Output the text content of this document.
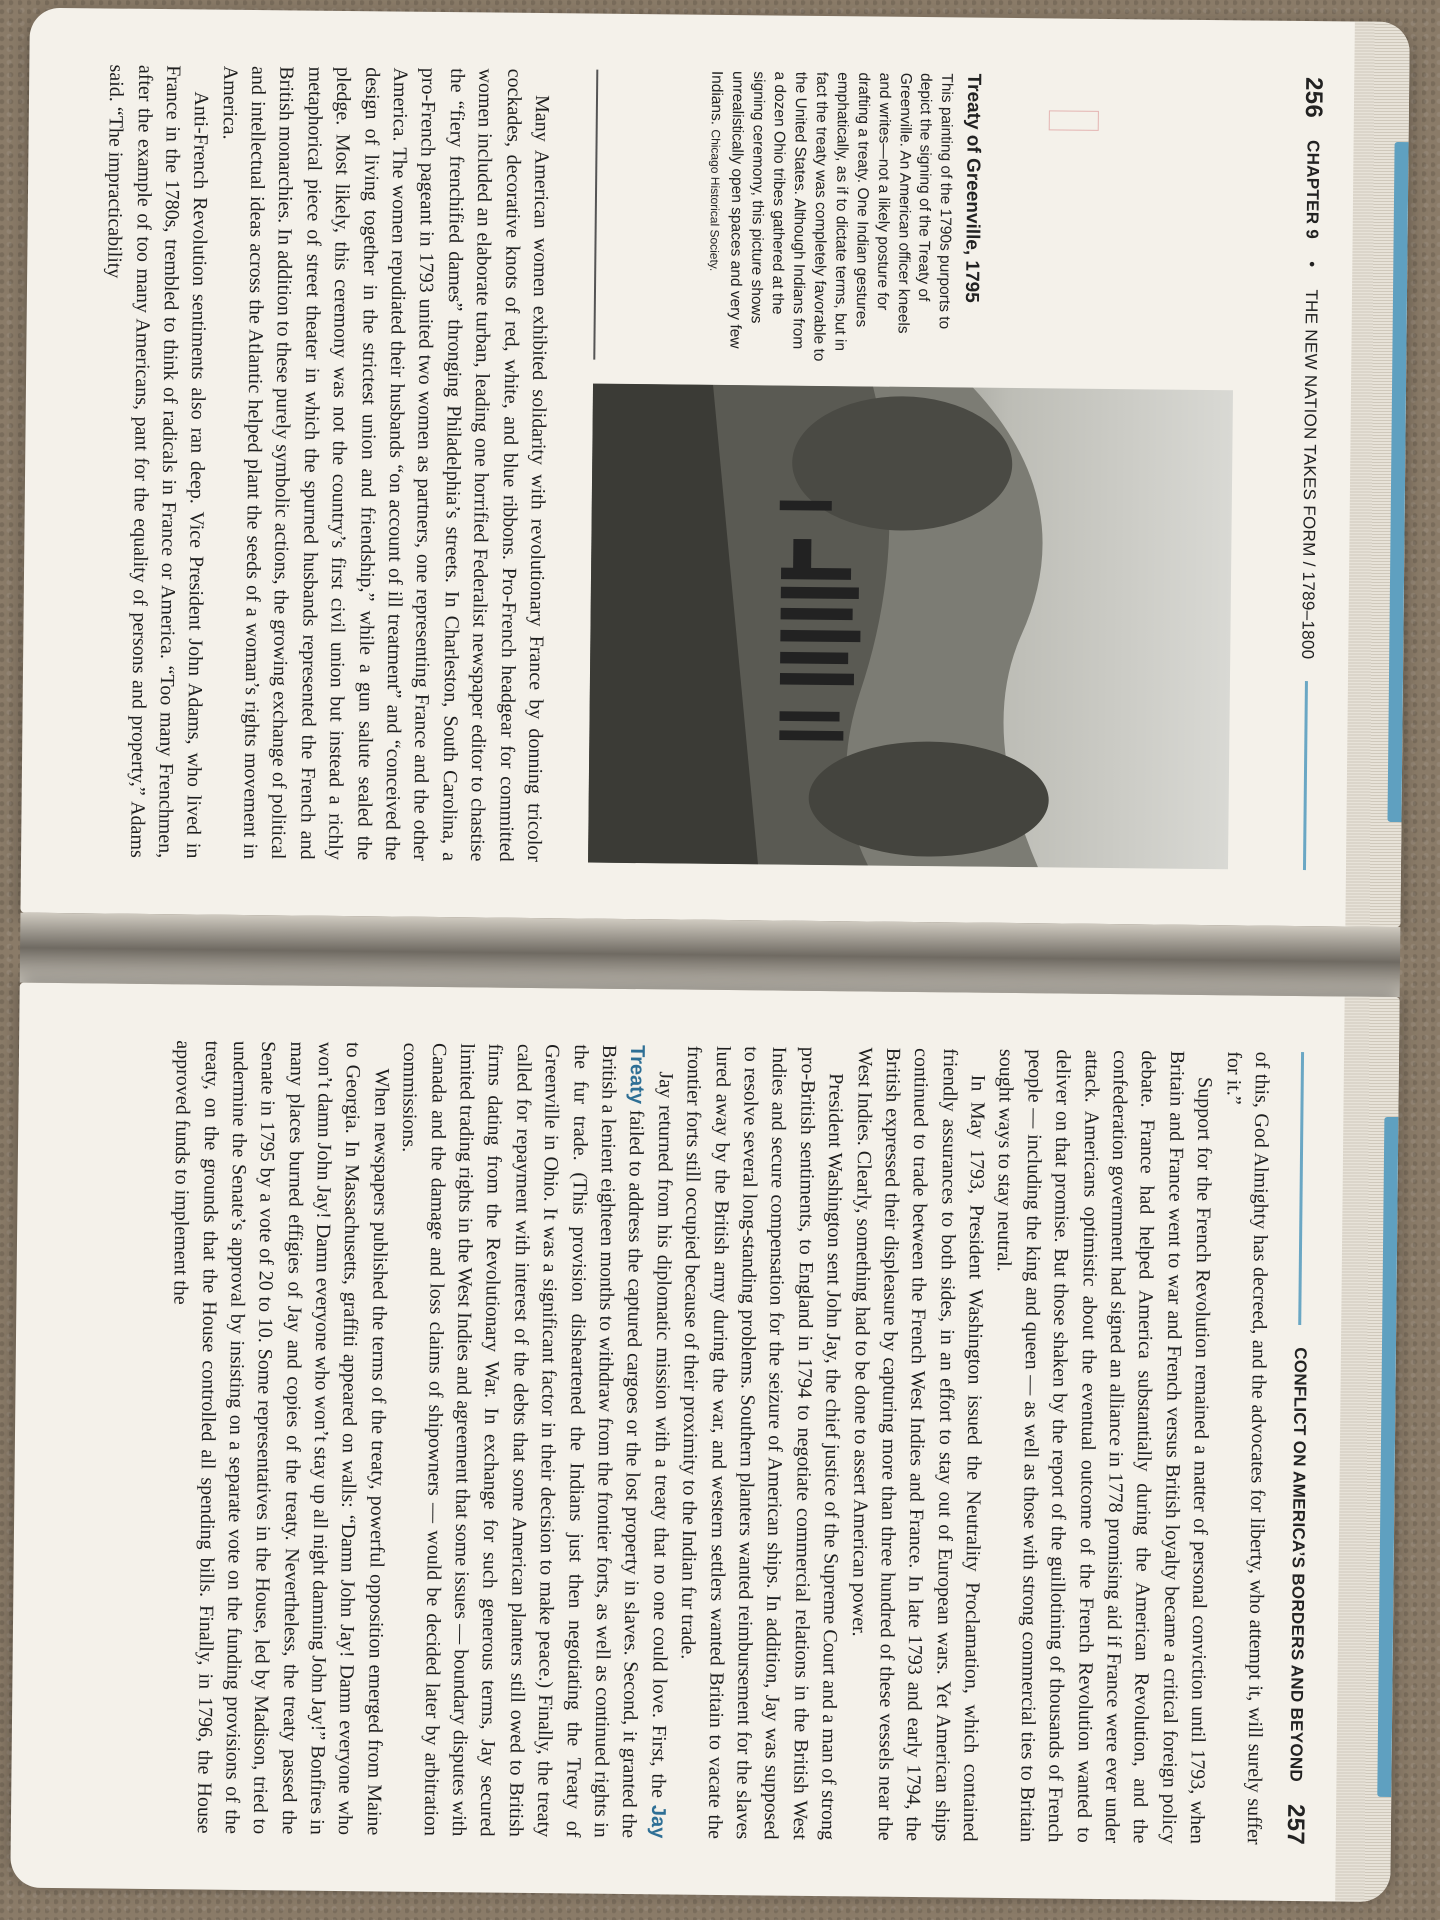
256
CHAPTER 9
•
THE NEW NATION TAKES FORM / 1789–1800
Treaty of Greenville, 1795
This painting of the 1790s purports to depict the signing of the Treaty of Greenville. An American officer kneels and writes—not a likely posture for drafting a treaty. One Indian gestures emphatically, as if to dictate terms, but in fact the treaty was completely favorable to the United States. Although Indians from a dozen Ohio tribes gathered at the signing ceremony, this picture shows unrealistically open spaces and very few Indians. Chicago Historical Society.

Many American women exhibited solidarity with revolutionary France by donning tricolor cockades, decorative knots of red, white, and blue ribbons. Pro-French headgear for committed women included an elaborate turban, leading one horrified Federalist newspaper editor to chastise the “fiery frenchified dames” thronging Philadelphia’s streets. In Charleston, South Carolina, a pro-French pageant in 1793 united two women as partners, one representing France and the other America. The women repudiated their husbands “on account of ill treatment” and “conceived the design of living together in the strictest union and friendship,” while a gun salute sealed the pledge. Most likely, this ceremony was not the country’s first civil union but instead a richly metaphorical piece of street theater in which the spurned husbands represented the French and British monarchies. In addition to these purely symbolic actions, the growing exchange of political and intellectual ideas across the Atlantic helped plant the seeds of a woman’s rights movement in America.

Anti-French Revolution sentiments also ran deep. Vice President John Adams, who lived in France in the 1780s, trembled to think of radicals in France or America. “Too many Frenchmen, after the example of too many Americans, pant for the equality of persons and property,” Adams said. “The impracticability

CONFLICT ON AMERICA’S BORDERS AND BEYOND
257

of this, God Almighty has decreed, and the advocates for liberty, who attempt it, will surely suffer for it.”

Support for the French Revolution remained a matter of personal conviction until 1793, when Britain and France went to war and French versus British loyalty became a critical foreign policy debate. France had helped America substantially during the American Revolution, and the confederation government had signed an alliance in 1778 promising aid if France were ever under attack. Americans optimistic about the eventual outcome of the French Revolution wanted to deliver on that promise. But those shaken by the report of the guillotining of thousands of French people — including the king and queen — as well as those with strong commercial ties to Britain sought ways to stay neutral.

In May 1793, President Washington issued the Neutrality Proclamation, which contained friendly assurances to both sides, in an effort to stay out of European wars. Yet American ships continued to trade between the French West Indies and France. In late 1793 and early 1794, the British expressed their displeasure by capturing more than three hundred of these vessels near the West Indies. Clearly, something had to be done to assert American power.

President Washington sent John Jay, the chief justice of the Supreme Court and a man of strong pro-British sentiments, to England in 1794 to negotiate commercial relations in the British West Indies and secure compensation for the seizure of American ships. In addition, Jay was supposed to resolve several long-standing problems. Southern planters wanted reimbursement for the slaves lured away by the British army during the war, and western settlers wanted Britain to vacate the frontier forts still occupied because of their proximity to the Indian fur trade.

Jay returned from his diplomatic mission with a treaty that no one could love. First, the Jay Treaty failed to address the captured cargoes or the lost property in slaves. Second, it granted the British a lenient eighteen months to withdraw from the frontier forts, as well as continued rights in the fur trade. (This provision disheartened the Indians just then negotiating the Treaty of Greenville in Ohio. It was a significant factor in their decision to make peace.) Finally, the treaty called for repayment with interest of the debts that some American planters still owed to British firms dating from the Revolutionary War. In exchange for such generous terms, Jay secured limited trading rights in the West Indies and agreement that some issues — boundary disputes with Canada and the damage and loss claims of shipowners — would be decided later by arbitration commissions.

When newspapers published the terms of the treaty, powerful opposition emerged from Maine to Georgia. In Massachusetts, graffiti appeared on walls: “Damn John Jay! Damn everyone who won’t damn John Jay! Damn everyone who won’t stay up all night damning John Jay!” Bonfires in many places burned effigies of Jay and copies of the treaty. Nevertheless, the treaty passed the Senate in 1795 by a vote of 20 to 10. Some representatives in the House, led by Madison, tried to undermine the Senate’s approval by insisting on a separate vote on the funding provisions of the treaty, on the grounds that the House controlled all spending bills. Finally, in 1796, the House approved funds to implement the
